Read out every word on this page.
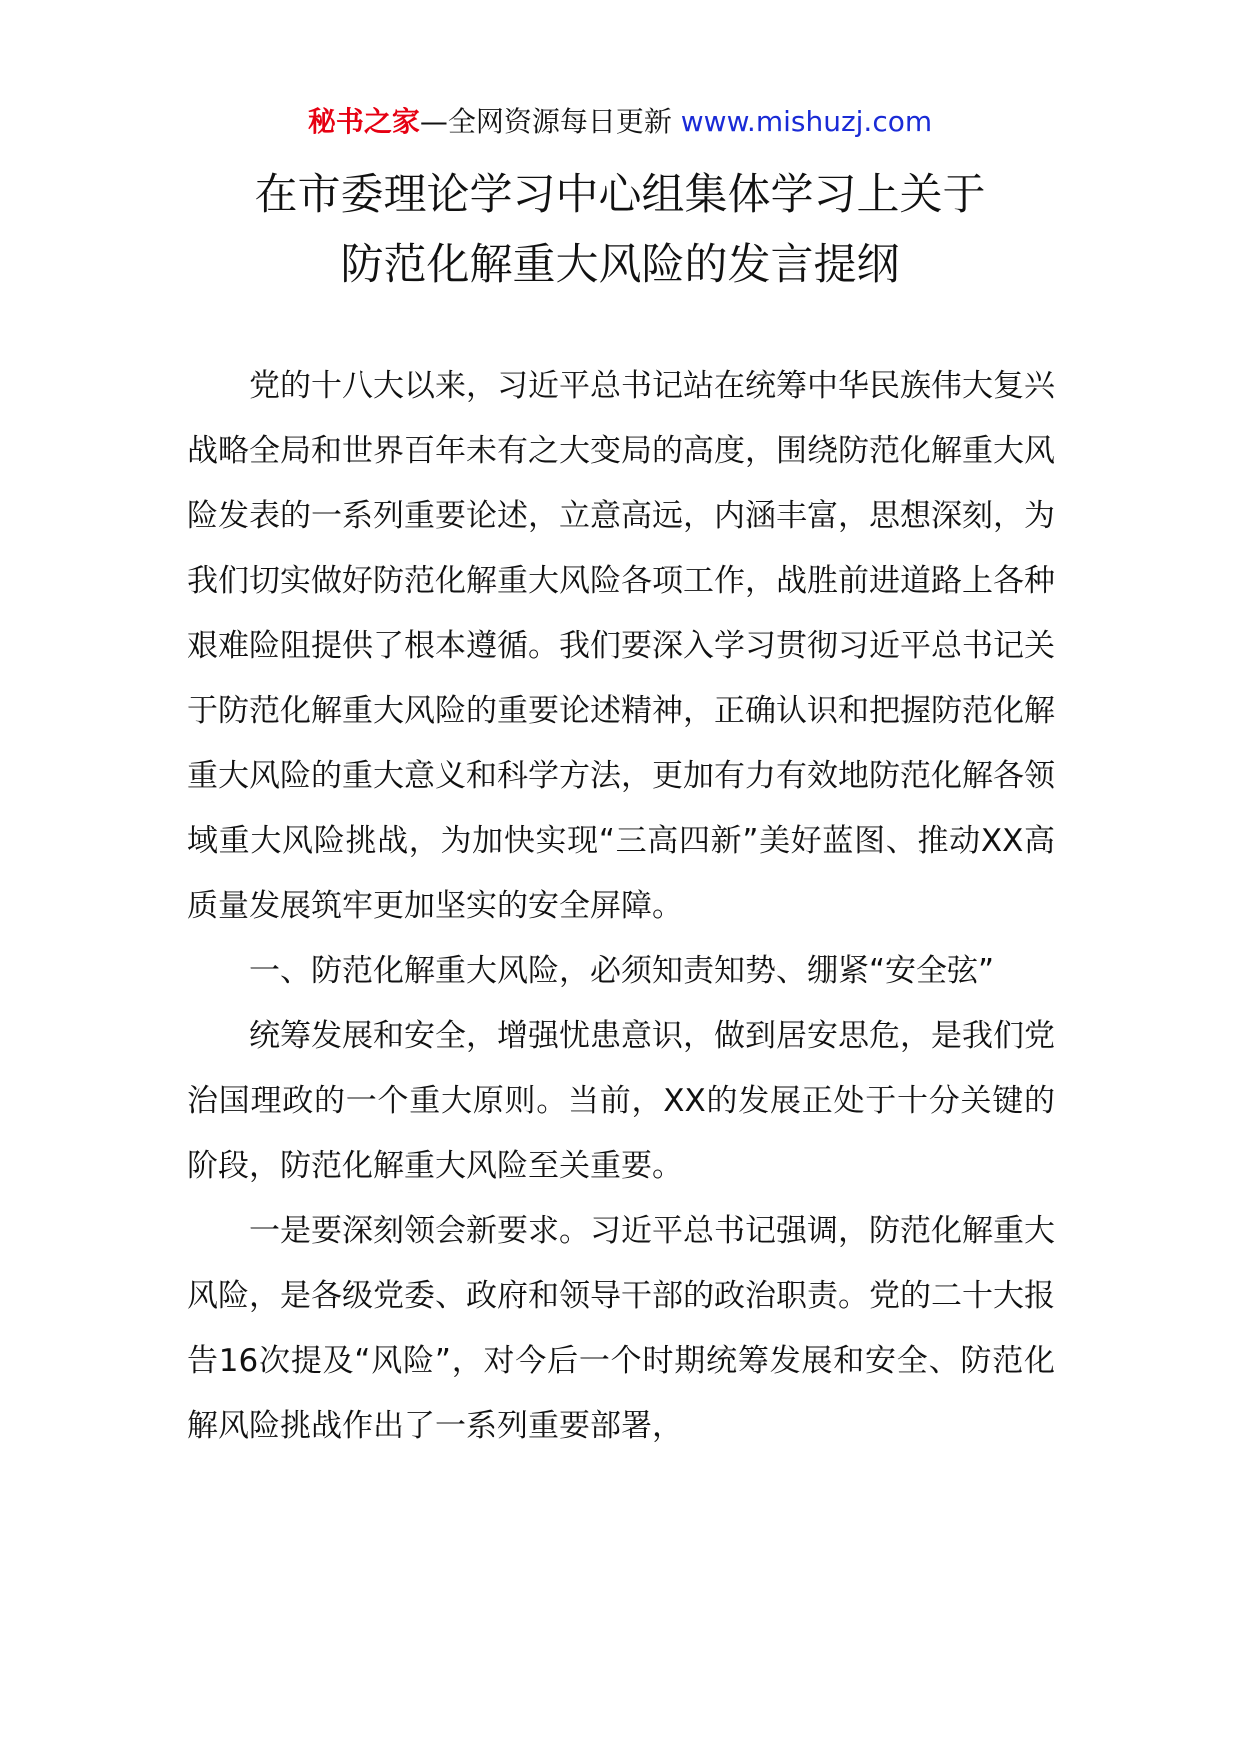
秘书之家—全网资源每日更新 www.mishuzj.com
在市委理论学习中心组集体学习上关于
防范化解重大风险的发言提纲

党的十八大以来，习近平总书记站在统筹中华民族伟大复兴战略全局和世界百年未有之大变局的高度，围绕防范化解重大风险发表的一系列重要论述，立意高远，内涵丰富，思想深刻，为我们切实做好防范化解重大风险各项工作，战胜前进道路上各种艰难险阻提供了根本遵循。我们要深入学习贯彻习近平总书记关于防范化解重大风险的重要论述精神，正确认识和把握防范化解重大风险的重大意义和科学方法，更加有力有效地防范化解各领域重大风险挑战，为加快实现“三高四新”美好蓝图、推动XX高质量发展筑牢更加坚实的安全屏障。

一、防范化解重大风险，必须知责知势、绷紧“安全弦”

统筹发展和安全，增强忧患意识，做到居安思危，是我们党治国理政的一个重大原则。当前，XX的发展正处于十分关键的阶段，防范化解重大风险至关重要。

一是要深刻领会新要求。习近平总书记强调，防范化解重大风险，是各级党委、政府和领导干部的政治职责。党的二十大报告16次提及“风险”，对今后一个时期统筹发展和安全、防范化解风险挑战作出了一系列重要部署，
